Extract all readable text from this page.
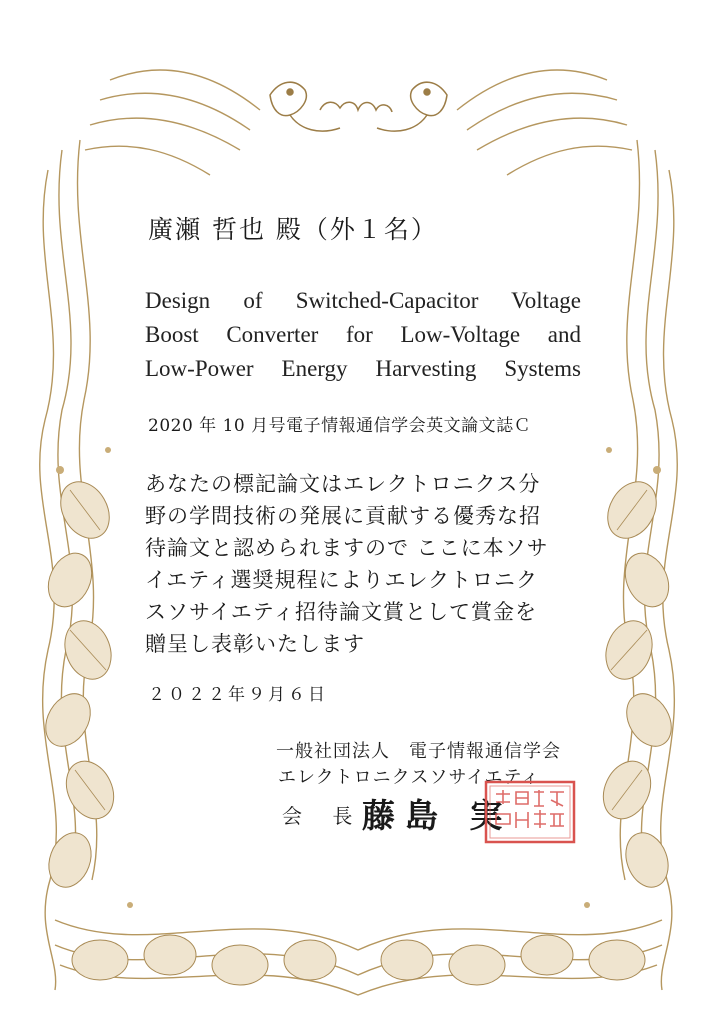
廣瀬 哲也 殿（外１名）
Design of Switched-Capacitor Voltage
Boost Converter for Low-Voltage and
Low-Power Energy Harvesting Systems
2020 年 10 月号電子情報通信学会英文論文誌Ｃ
あなたの標記論文はエレクトロニクス分
野の学問技術の発展に貢献する優秀な招
待論文と認められますので ここに本ソサ
イエティ選奨規程によりエレクトロニク
スソサイエティ招待論文賞として賞金を
贈呈し表彰いたします
２０２２年９月６日
一般社団法人　電子情報通信学会
エレクトロニクスソサイエティ
会 長
藤島 実
